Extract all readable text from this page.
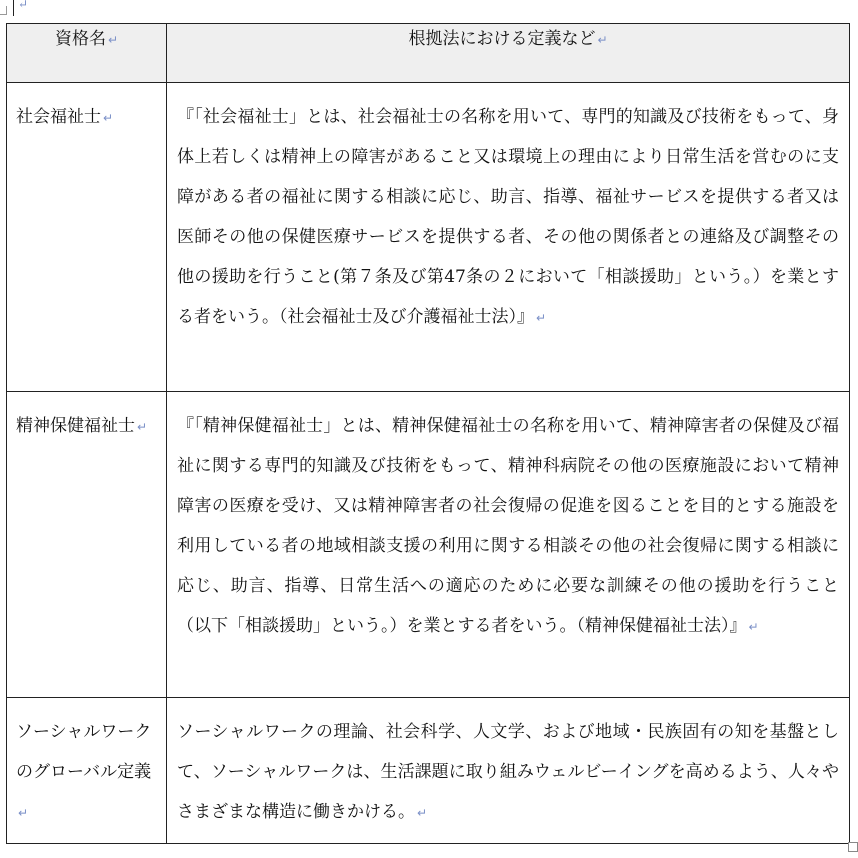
↵
資格名 ↵	根拠法における定義など ↵
社会福祉士 ↵	『「社会福祉士」とは、社会福祉士の名称を用いて、専門的知識及び技術をもって、身体上若しくは精神上の障害があること又は環境上の理由により日常生活を営むのに支障がある者の福祉に関する相談に応じ、助言、指導、福祉サービスを提供する者又は医師その他の保健医療サービスを提供する者、その他の関係者との連絡及び調整その他の援助を行うこと(第７条及び第47条の２において「相談援助」という。）を業とする者をいう。（社会福祉士及び介護福祉士法）』 ↵
精神保健福祉士 ↵	『「精神保健福祉士」とは、精神保健福祉士の名称を用いて、精神障害者の保健及び福祉に関する専門的知識及び技術をもって、精神科病院その他の医療施設において精神障害の医療を受け、又は精神障害者の社会復帰の促進を図ることを目的とする施設を利用している者の地域相談支援の利用に関する相談その他の社会復帰に関する相談に応じ、助言、指導、日常生活への適応のために必要な訓練その他の援助を行うこと（以下「相談援助」という。）を業とする者をいう。（精神保健福祉士法）』 ↵
ソーシャルワークのグローバル定義↵	ソーシャルワークの理論、社会科学、人文学、および地域・民族固有の知を基盤として、ソーシャルワークは、生活課題に取り組みウェルビーイングを高めるよう、人々やさまざまな構造に働きかける。 ↵
